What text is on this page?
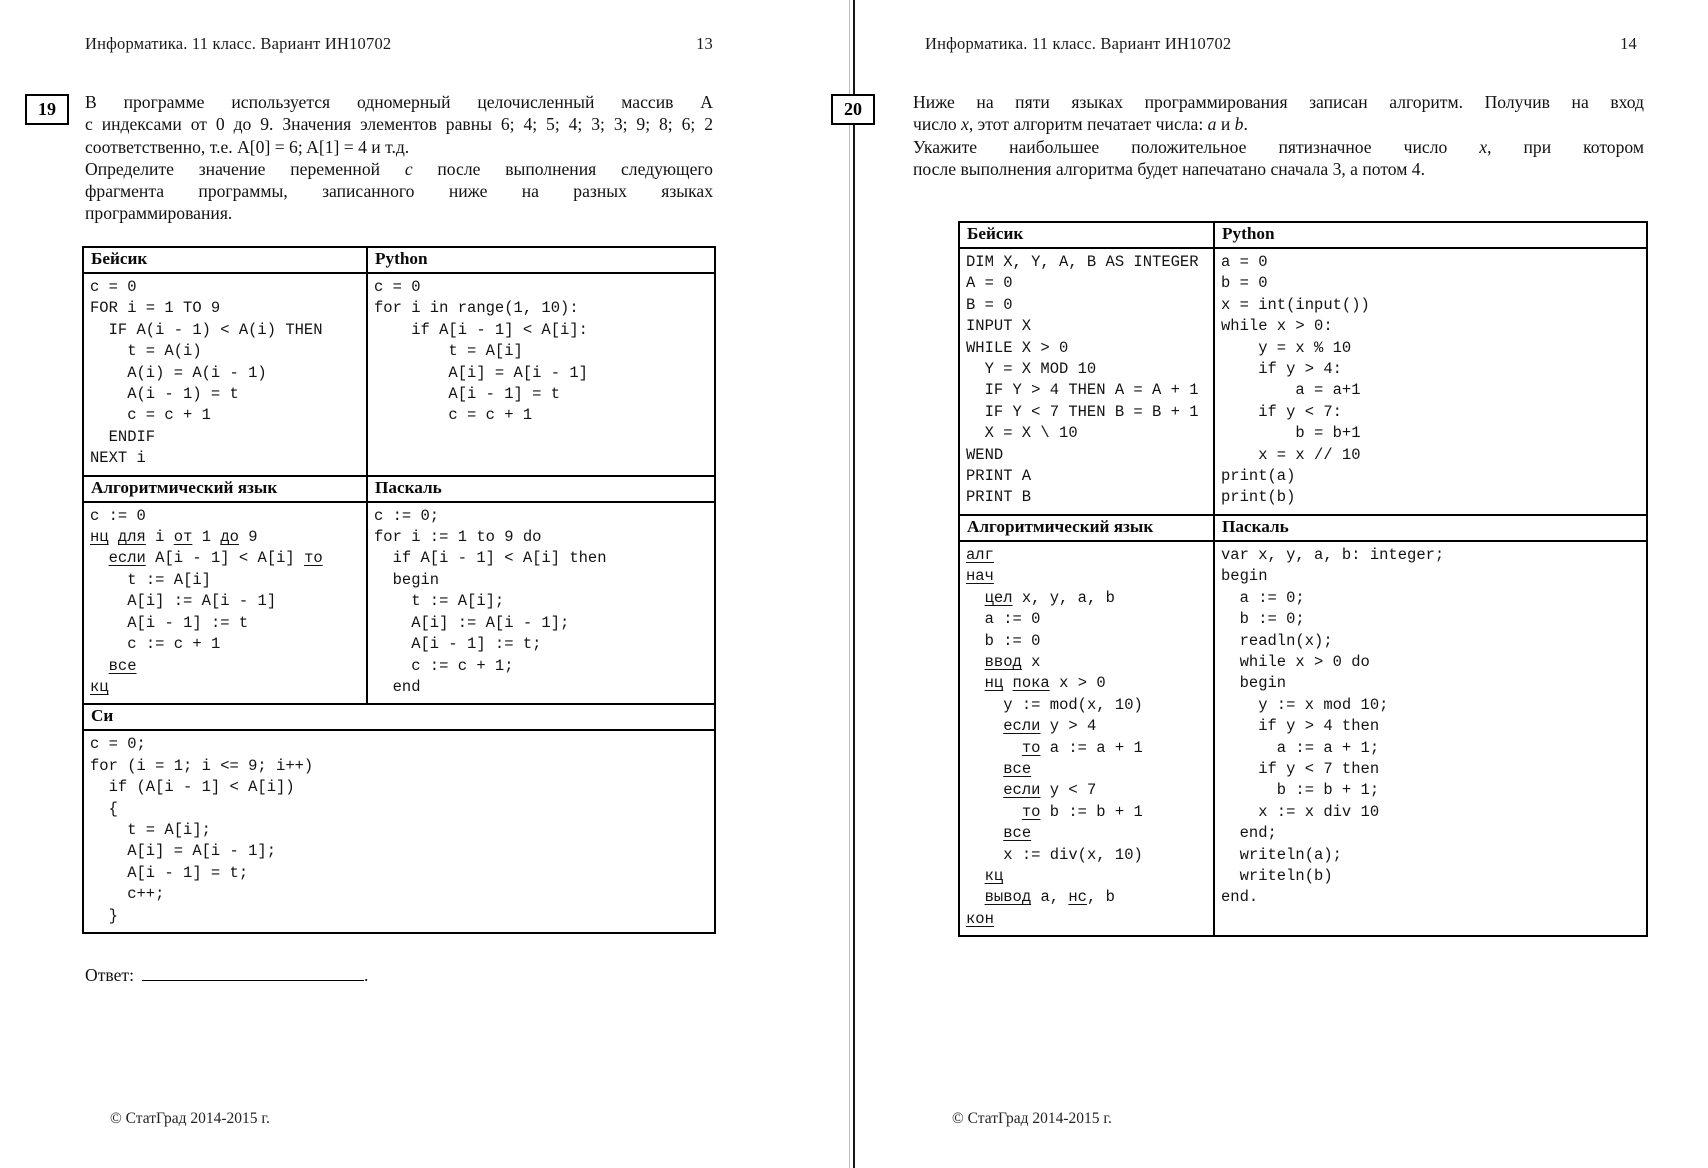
Информатика. 11 класс. Вариант ИН10702	13
19 В программе используется одномерный целочисленный массив А
с индексами от 0 до 9. Значения элементов равны 6; 4; 5; 4; 3; 3; 9; 8; 6; 2
соответственно, т.е. A[0] = 6; A[1] = 4 и т.д.
Определите значение переменной c после выполнения следующего
фрагмента программы, записанного ниже на разных языках
программирования.
Бейсик	Python

c = 0
FOR i = 1 TO 9
IF A(i - 1) < A(i) THEN
t = A(i)
A(i) = A(i - 1)
A(i - 1) = t
c = c + 1
ENDIF
NEXT i

c = 0
for i in range(1, 10):
if A[i - 1] < A[i]:
t = A[i]
A[i] = A[i - 1]
A[i - 1] = t
c = c + 1

Алгоритмический язык	Паскаль

c := 0
нц для i от 1 до 9
если A[i - 1] < A[i] то
t := A[i]
A[i] := A[i - 1]
A[i - 1] := t
c := c + 1
все
кц

c := 0;
for i := 1 to 9 do
if A[i - 1] < A[i] then
begin
t := A[i];
A[i] := A[i - 1];
A[i - 1] := t;
c := c + 1;
end

Си	

c = 0;
for (i = 1; i <= 9; i++)
if (A[i - 1] < A[i])
{
t = A[i];
A[i] = A[i - 1];
A[i - 1] = t;
c++;
}
Ответ:	.
© СтатГрад 2014-2015 г.
Информатика. 11 класс. Вариант ИН10702	14
20	Ниже на пяти языках программирования записан алгоритм. Получив на вход
число x, этот алгоритм печатает числа: a и b.
Укажите наибольшее положительное пятизначное число x, при котором
после выполнения алгоритма будет напечатано сначала 3, а потом 4.
Бейсик	Python

DIM X, Y, A, B AS INTEGER
A = 0
B = 0
INPUT X
WHILE X > 0
Y = X MOD 10
IF Y > 4 THEN A = A + 1
IF Y < 7 THEN B = B + 1
X = X \ 10
WEND
PRINT A
PRINT B

a = 0
b = 0
x = int(input())
while x > 0:
y = x % 10
if y > 4:
a = a+1
if y < 7:
b = b+1
x = x // 10
print(a)
print(b)

Алгоритмический язык	Паскаль

алг
нач
цел x, y, a, b
a := 0
b := 0
ввод x
нц пока x > 0
y := mod(x, 10)
если y > 4
то a := a + 1
все
если y < 7
то b := b + 1
все
x := div(x, 10)
кц
вывод a, нс, b
кон

var x, y, a, b: integer;
begin
a := 0;
b := 0;
readln(x);
while x > 0 do
begin
y := x mod 10;
if y > 4 then
a := a + 1;
if y < 7 then
b := b + 1;
x := x div 10
end;
writeln(a);
writeln(b)
end.
© СтатГрад 2014-2015 г.
